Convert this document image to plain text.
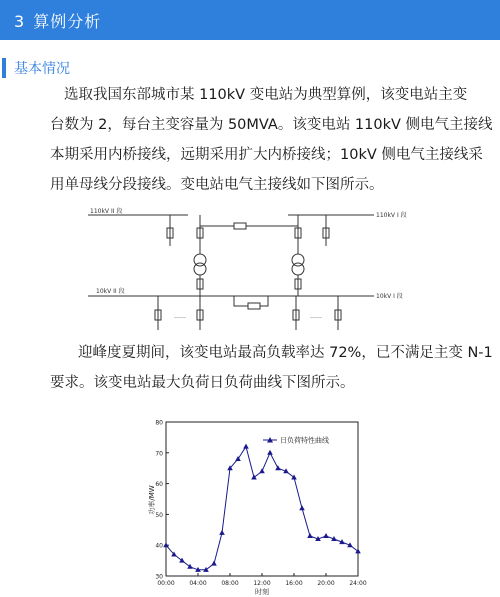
3 算例分析
基本情况
选取我国东部城市某 110kV 变电站为典型算例，该变电站主变
台数为 2，每台主变容量为 50MVA。该变电站 110kV 侧电气主接线
本期采用内桥接线，远期采用扩大内桥接线；10kV 侧电气主接线采
用单母线分段接线。变电站电气主接线如下图所示。
110kV II 段
110kV I 段
10kV II 段
10kV I 段
……	……
迎峰度夏期间，该变电站最高负载率达 72%，已不满足主变 N-1
要求。该变电站最大负荷日负荷曲线下图所示。
30
40
50
60
70
80
00:00 04:00 08:00 12:00 16:00 20:00 24:00
日负荷特性曲线
功率/MW
时刻
